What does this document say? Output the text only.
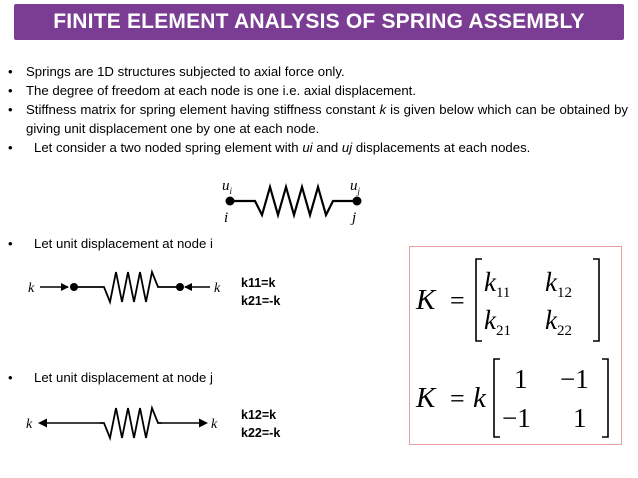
FINITE ELEMENT ANALYSIS OF SPRING ASSEMBLY
•	Springs are 1D structures subjected to axial force only.
•	The degree of freedom at each node is one i.e. axial displacement.
•	Stiffness matrix for spring element having stiffness constant k is given below which can be obtained by giving unit displacement one by one at each node.
•	Let consider a two noded spring element with ui and uj displacements at each nodes.
$u_i$	$u_j$
i	j
•	Let unit displacement at node i
k	k k11=k
k21=-k
•	Let unit displacement at node j
k	k
k12=k
k22=-k
K =
$k_{11}$ $k_{12}$
$k_{21}$ $k_{22}$
K = k
1 −1
−1 1
